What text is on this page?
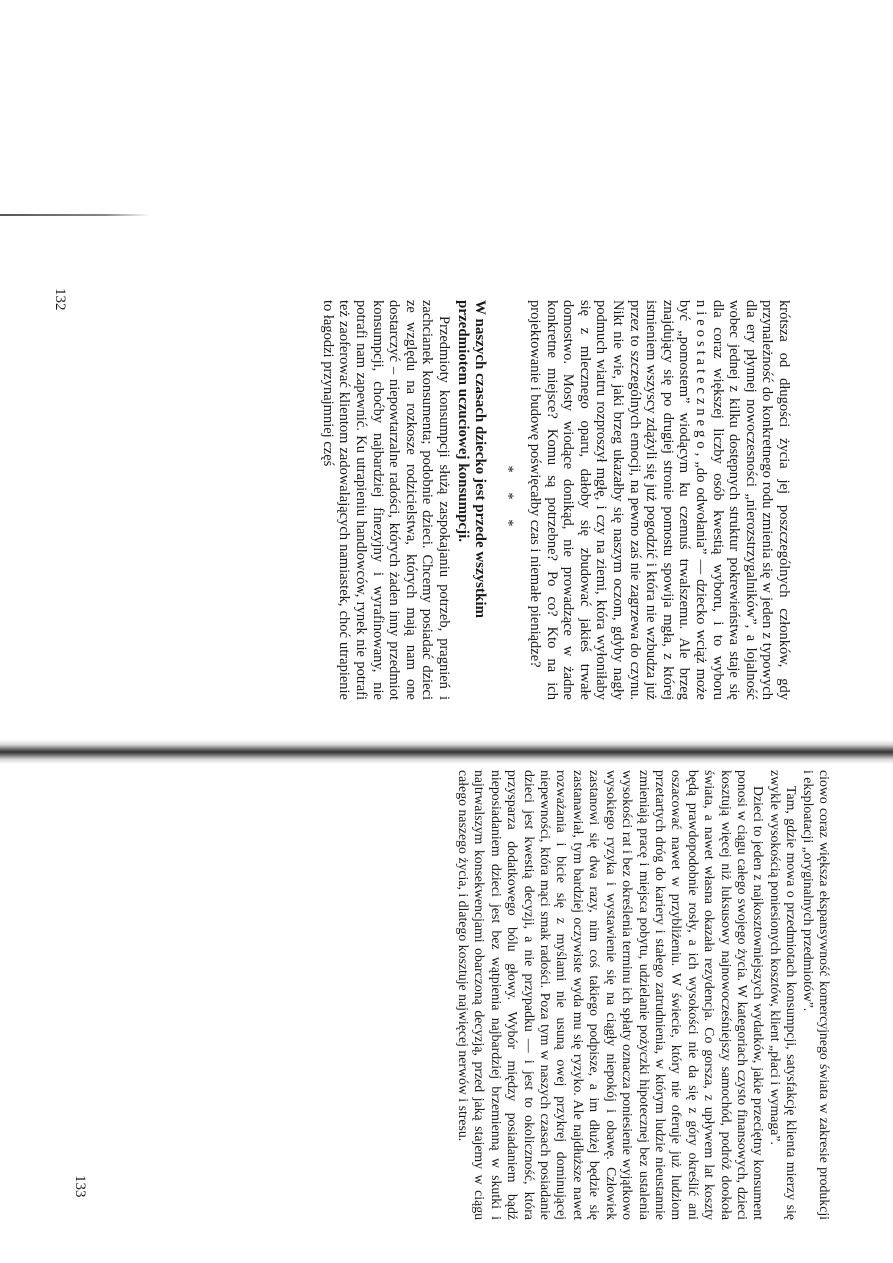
krótsza od długości życia jej poszczególnych członków, gdy przynależność do konkretnego rodu zmienia się w jeden z typowych dla ery płynnej nowoczesności „nierozstrzygalników”, a lojalność wobec jednej z kilku dostępnych struktur pokrewieństwa staje się dla coraz większej liczby osób kwestią wyboru, i to wyboru nieostatecznego, „do odwołania” — dziecko wciąż może być „pomostem” wiodącym ku czemuś trwalszemu. Ale brzeg znajdujący się po drugiej stronie pomostu spowija mgła, z której istnieniem wszyscy zdążyli się już pogodzić i która nie wzbudza już przez to szczególnych emocji, na pewno zaś nie zagrzewa do czynu. Nikt nie wie, jaki brzeg ukazałby się naszym oczom, gdyby nagły podmuch wiatru rozproszył mgłę, i czy na ziemi, która wyłoniłaby się z mlecznego oparu, dałoby się zbudować jakieś trwałe domostwo. Mosty wiodące donikąd, nie prowadzące w żadne konkretne miejsce? Komu są potrzebne? Po co? Kto na ich projektowanie i budowę poświęcałby czas i niemałe pieniądze?

* * *
W naszych czasach dziecko jest przede wszystkim przedmiotem uczuciowej konsumpcji.

Przedmioty konsumpcji służą zaspokajaniu potrzeb, pragnień i zachcianek konsumenta; podobnie dzieci. Chcemy posiadać dzieci ze względu na rozkosze rodzicielstwa, których mają nam one dostarczyć – niepowtarzalne radości, których żaden inny przedmiot konsumpcji, choćby najbardziej finezyjny i wyrafinowany, nie potrafi nam zapewnić. Ku utrapieniu handlowców, rynek nie potrafi też zaoferować klientom zadowalających namiastek, choć utrapienie to łagodzi przynajmniej częś

132

ciowo coraz większa ekspansywność komercyjnego świata w zakresie produkcji i eksploatacji „oryginalnych przedmiotów”.

Tam, gdzie mowa o przedmiotach konsumpcji, satysfakcję klienta mierzy się zwykle wysokością poniesionych kosztów, klient „płaci i wymaga”.

Dzieci to jeden z najkosztowniejszych wydatków, jakie przeciętny konsument ponosi w ciągu całego swojego życia. W kategoriach czysto finansowych, dzieci kosztują więcej niż luksusowy najnowocześniejszy samochód, podróż dookoła świata, a nawet własna okazała rezydencja. Co gorsza, z upływem lat koszty będą prawdopodobnie rosły, a ich wysokości nie da się z góry określić ani oszacować nawet w przybliżeniu. W świecie, który nie oferuje już ludziom przetartych dróg do kariery i stałego zatrudnienia, w którym ludzie nieustannie zmieniają pracę i miejsca pobytu, udzielanie pożyczki hipotecznej bez ustalenia wysokości rat i bez określenia terminu ich spłaty oznacza poniesienie wyjątkowo wysokiego ryzyka i wystawienie się na ciągły niepokój i obawę. Człowiek zastanowi się dwa razy, nim coś takiego podpisze, a im dłużej będzie się zastanawiał, tym bardziej oczywiste wyda mu się ryzyko. Ale najdłuższe nawet rozważania i bicie się z myślami nie usuną owej przykrej dominującej niepewności, która mąci smak radości. Poza tym w naszych czasach posiadanie dzieci jest kwestią decyzji, a nie przypadku — i jest to okoliczność, która przysparza dodatkowego bólu głowy. Wybór między posiadaniem bądź nieposiadaniem dzieci jest bez wątpienia najbardziej brzemienną w skutki i najtrwalszym konsekwencjami obarczoną decyzją, przed jaką stajemy w ciągu całego naszego życia, i dlatego kosztuje najwięcej nerwów i stresu.

133
